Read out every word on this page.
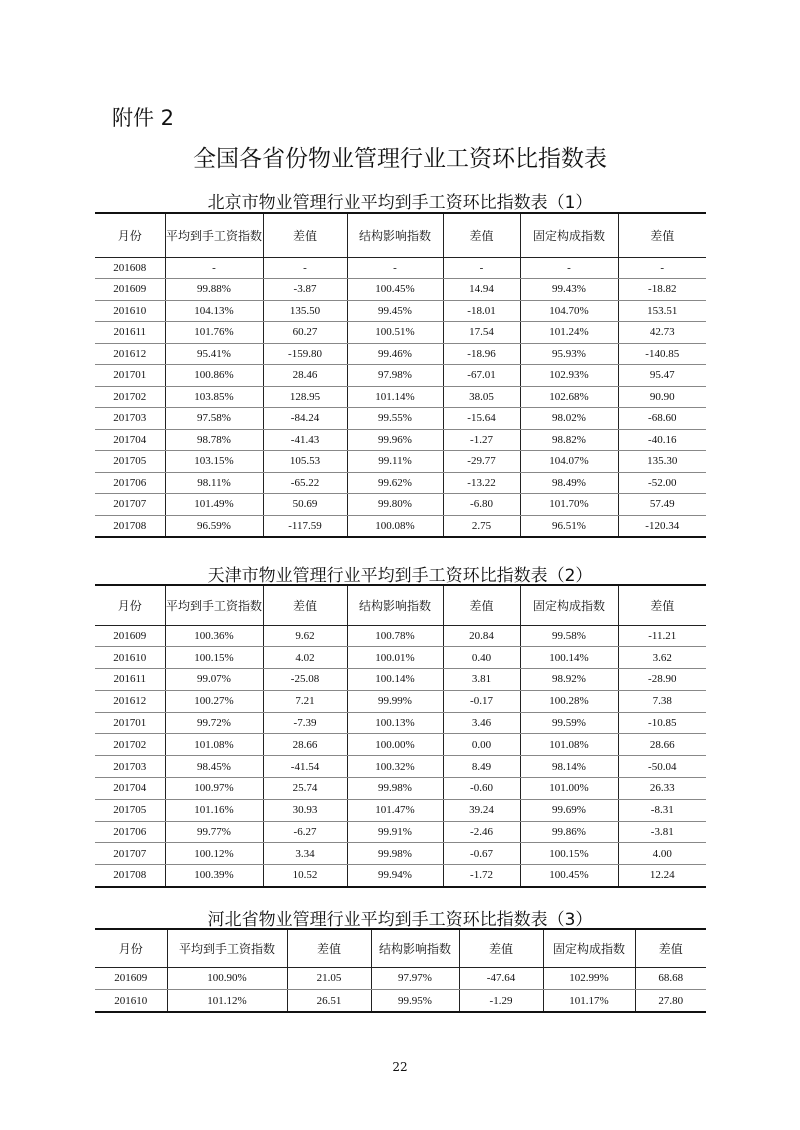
附件 2
全国各省份物业管理行业工资环比指数表
北京市物业管理行业平均到手工资环比指数表（1）
月份	平均到手工资指数	差值	结构影响指数	差值	固定构成指数	差值
201608	-	-	-	-	-	-
201609	99.88%	-3.87	100.45%	14.94	99.43%	-18.82
201610	104.13%	135.50	99.45%	-18.01	104.70%	153.51
201611	101.76%	60.27	100.51%	17.54	101.24%	42.73
201612	95.41%	-159.80	99.46%	-18.96	95.93%	-140.85
201701	100.86%	28.46	97.98%	-67.01	102.93%	95.47
201702	103.85%	128.95	101.14%	38.05	102.68%	90.90
201703	97.58%	-84.24	99.55%	-15.64	98.02%	-68.60
201704	98.78%	-41.43	99.96%	-1.27	98.82%	-40.16
201705	103.15%	105.53	99.11%	-29.77	104.07%	135.30
201706	98.11%	-65.22	99.62%	-13.22	98.49%	-52.00
201707	101.49%	50.69	99.80%	-6.80	101.70%	57.49
201708	96.59%	-117.59	100.08%	2.75	96.51%	-120.34
天津市物业管理行业平均到手工资环比指数表（2）
月份	平均到手工资指数	差值	结构影响指数	差值	固定构成指数	差值
201609	100.36%	9.62	100.78%	20.84	99.58%	-11.21
201610	100.15%	4.02	100.01%	0.40	100.14%	3.62
201611	99.07%	-25.08	100.14%	3.81	98.92%	-28.90
201612	100.27%	7.21	99.99%	-0.17	100.28%	7.38
201701	99.72%	-7.39	100.13%	3.46	99.59%	-10.85
201702	101.08%	28.66	100.00%	0.00	101.08%	28.66
201703	98.45%	-41.54	100.32%	8.49	98.14%	-50.04
201704	100.97%	25.74	99.98%	-0.60	101.00%	26.33
201705	101.16%	30.93	101.47%	39.24	99.69%	-8.31
201706	99.77%	-6.27	99.91%	-2.46	99.86%	-3.81
201707	100.12%	3.34	99.98%	-0.67	100.15%	4.00
201708	100.39%	10.52	99.94%	-1.72	100.45%	12.24
河北省物业管理行业平均到手工资环比指数表（3）
月份	平均到手工资指数	差值	结构影响指数	差值	固定构成指数	差值
201609	100.90%	21.05	97.97%	-47.64	102.99%	68.68
201610	101.12%	26.51	99.95%	-1.29	101.17%	27.80
22
